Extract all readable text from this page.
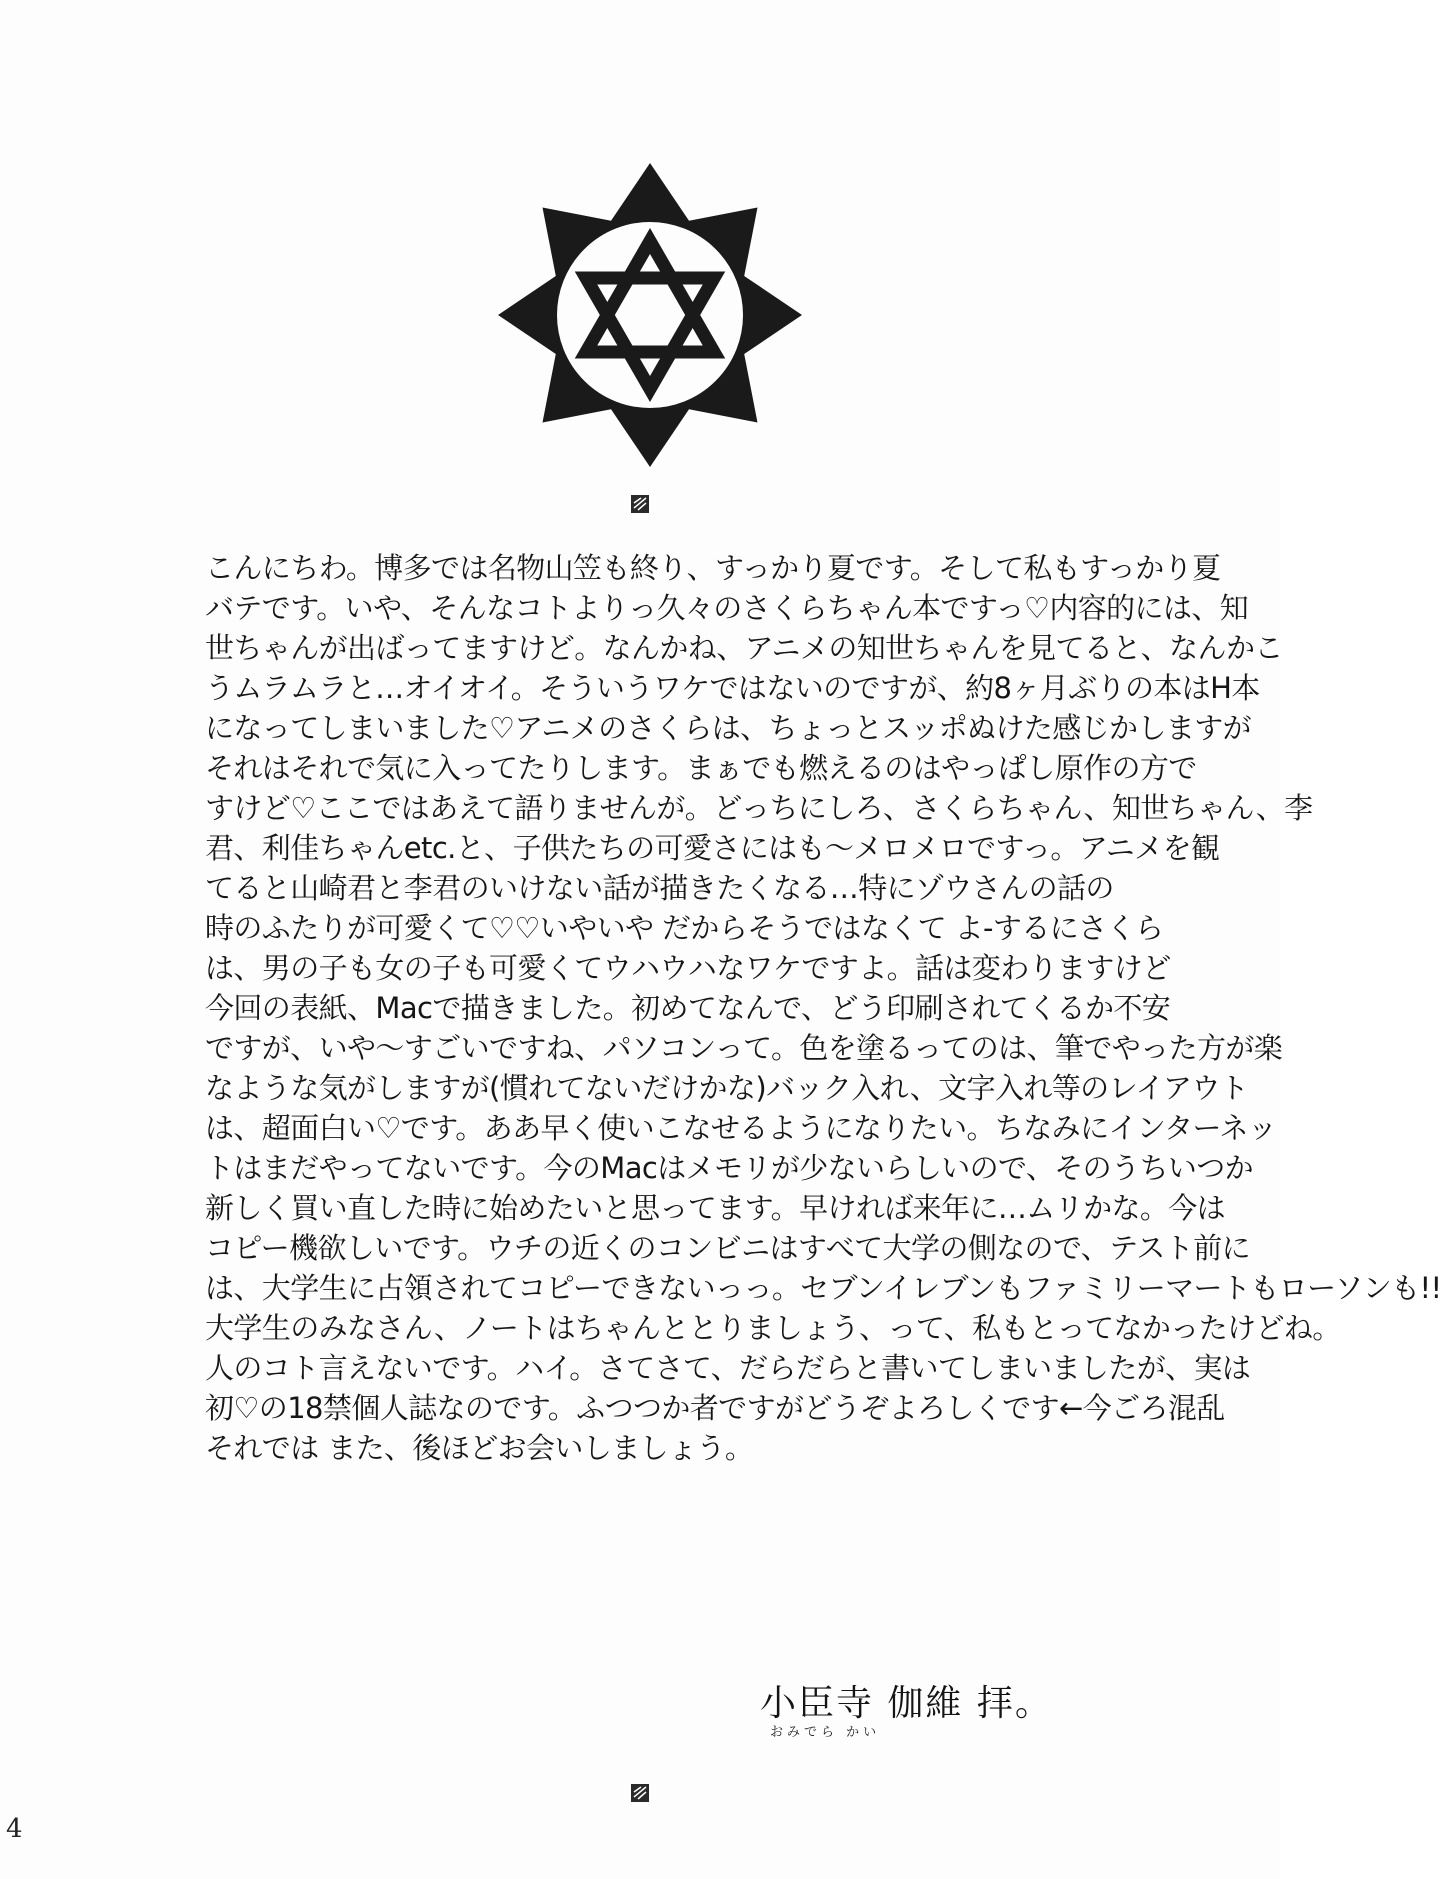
こんにちわ。博多では名物山笠も終り、すっかり夏です。そして私もすっかり夏
バテです。いや、そんなコトよりっ久々のさくらちゃん本ですっ♡内容的には、知
世ちゃんが出ばってますけど。なんかね、アニメの知世ちゃんを見てると、なんかこ
うムラムラと…オイオイ。そういうワケではないのですが、約8ヶ月ぶりの本はH本
になってしまいました♡アニメのさくらは、ちょっとスッポぬけた感じかしますが
それはそれで気に入ってたりします。まぁでも燃えるのはやっぱし原作の方で
すけど♡ここではあえて語りませんが。どっちにしろ、さくらちゃん、知世ちゃん、李
君、利佳ちゃんetc.と、子供たちの可愛さにはも〜メロメロですっ。アニメを観
てると山崎君と李君のいけない話が描きたくなる…特にゾウさんの話の
時のふたりが可愛くて♡♡いやいや だからそうではなくて よ-するにさくら
は、男の子も女の子も可愛くてウハウハなワケですよ。話は変わりますけど
今回の表紙、Macで描きました。初めてなんで、どう印刷されてくるか不安
ですが、いや〜すごいですね、パソコンって。色を塗るってのは、筆でやった方が楽
なような気がしますが(慣れてないだけかな)バック入れ、文字入れ等のレイアウト
は、超面白い♡です。ああ早く使いこなせるようになりたい。ちなみにインターネッ
トはまだやってないです。今のMacはメモリが少ないらしいので、そのうちいつか
新しく買い直した時に始めたいと思ってます。早ければ来年に…ムリかな。今は
コピー機欲しいです。ウチの近くのコンビニはすべて大学の側なので、テスト前に
は、大学生に占領されてコピーできないっっ。セブンイレブンもファミリーマートもローソンも!!
大学生のみなさん、ノートはちゃんととりましょう、って、私もとってなかったけどね。
人のコト言えないです。ハイ。さてさて、だらだらと書いてしまいましたが、実は
初♡の18禁個人誌なのです。ふつつか者ですがどうぞよろしくです←今ごろ混乱
それでは また、後ほどお会いしましょう。
小臣寺 伽維 拝。
おみでら かい
4
